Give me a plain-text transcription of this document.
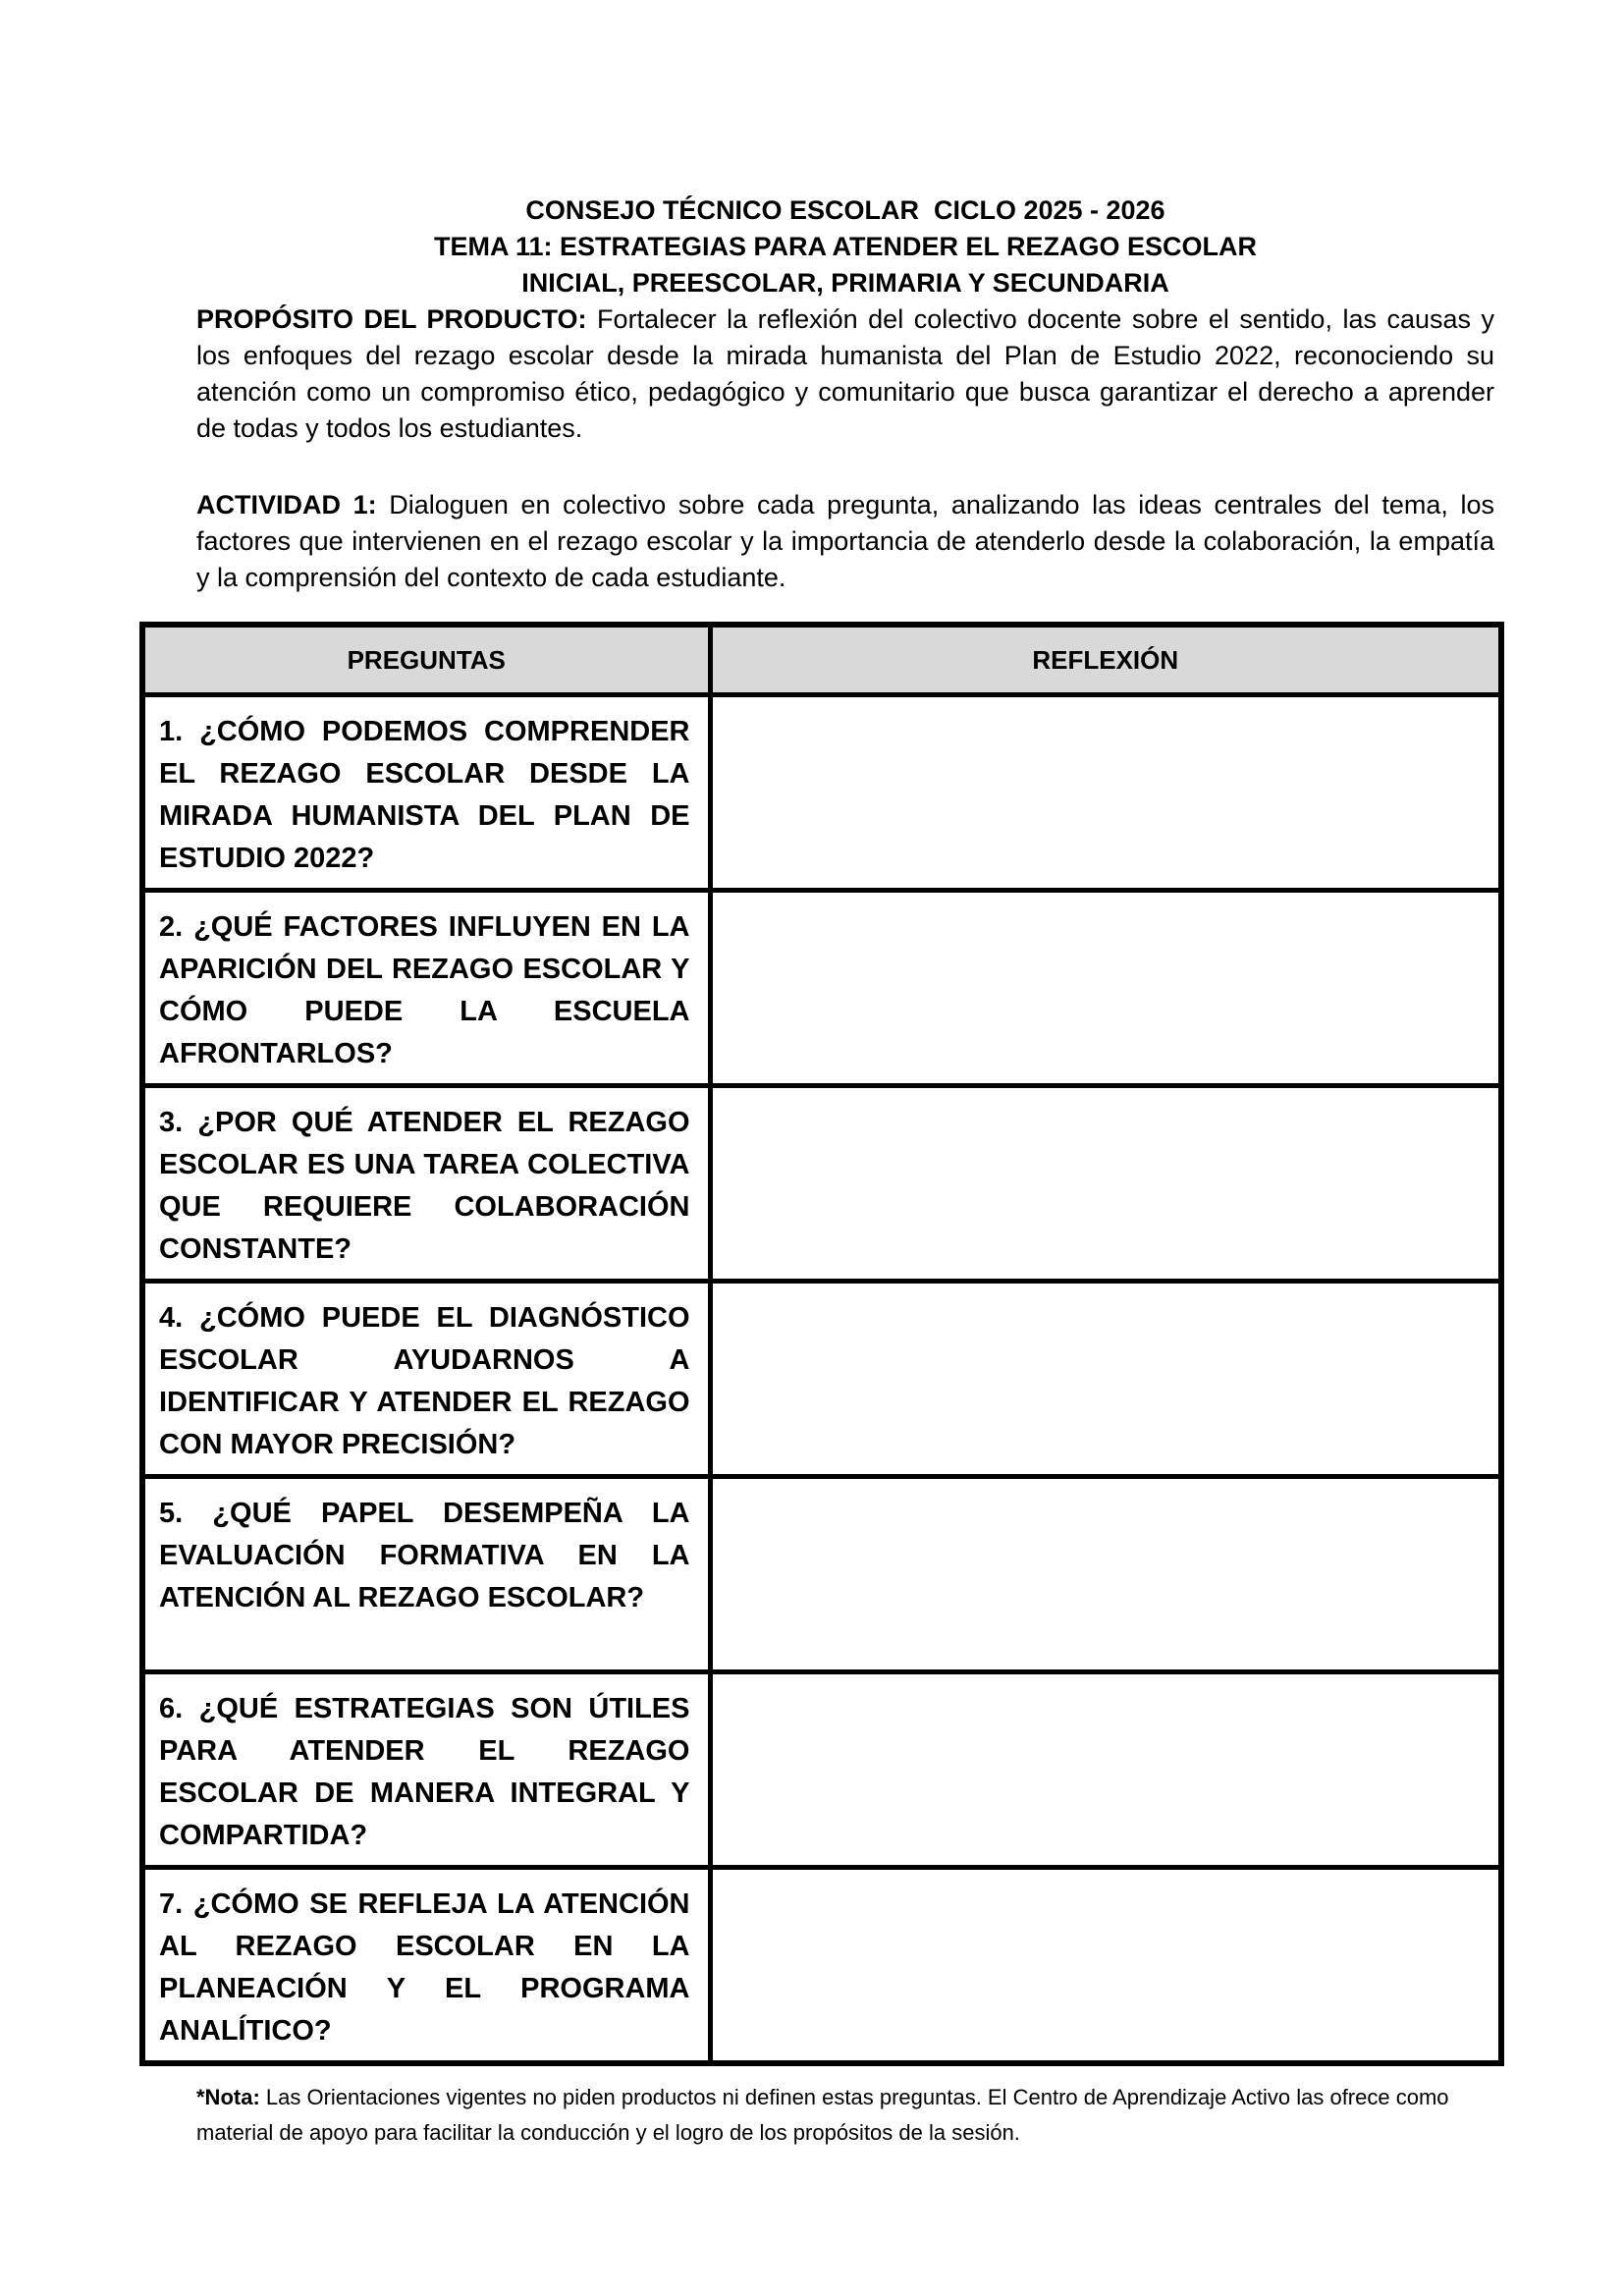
CONSEJO TÉCNICO ESCOLAR  CICLO 2025 - 2026
TEMA 11: ESTRATEGIAS PARA ATENDER EL REZAGO ESCOLAR
INICIAL, PREESCOLAR, PRIMARIA Y SECUNDARIA
PROPÓSITO DEL PRODUCTO: Fortalecer la reflexión del colectivo docente sobre el sentido, las causas y los enfoques del rezago escolar desde la mirada humanista del Plan de Estudio 2022, reconociendo su atención como un compromiso ético, pedagógico y comunitario que busca garantizar el derecho a aprender de todas y todos los estudiantes.
ACTIVIDAD 1: Dialoguen en colectivo sobre cada pregunta, analizando las ideas centrales del tema, los factores que intervienen en el rezago escolar y la importancia de atenderlo desde la colaboración, la empatía y la comprensión del contexto de cada estudiante.
PREGUNTAS	REFLEXIÓN
1. ¿CÓMO PODEMOS COMPRENDER EL REZAGO ESCOLAR DESDE LA MIRADA HUMANISTA DEL PLAN DE ESTUDIO 2022?	
2. ¿QUÉ FACTORES INFLUYEN EN LA APARICIÓN DEL REZAGO ESCOLAR Y CÓMO PUEDE LA ESCUELA AFRONTARLOS?	
3. ¿POR QUÉ ATENDER EL REZAGO ESCOLAR ES UNA TAREA COLECTIVA QUE REQUIERE COLABORACIÓN CONSTANTE?	
4. ¿CÓMO PUEDE EL DIAGNÓSTICO ESCOLAR AYUDARNOS A IDENTIFICAR Y ATENDER EL REZAGO CON MAYOR PRECISIÓN?	
5. ¿QUÉ PAPEL DESEMPEÑA LA EVALUACIÓN FORMATIVA EN LA ATENCIÓN AL REZAGO ESCOLAR?	
6. ¿QUÉ ESTRATEGIAS SON ÚTILES PARA ATENDER EL REZAGO ESCOLAR DE MANERA INTEGRAL Y COMPARTIDA?	
7. ¿CÓMO SE REFLEJA LA ATENCIÓN AL REZAGO ESCOLAR EN LA PLANEACIÓN Y EL PROGRAMA ANALÍTICO?	
*Nota: Las Orientaciones vigentes no piden productos ni definen estas preguntas. El Centro de Aprendizaje Activo las ofrece como material de apoyo para facilitar la conducción y el logro de los propósitos de la sesión.
